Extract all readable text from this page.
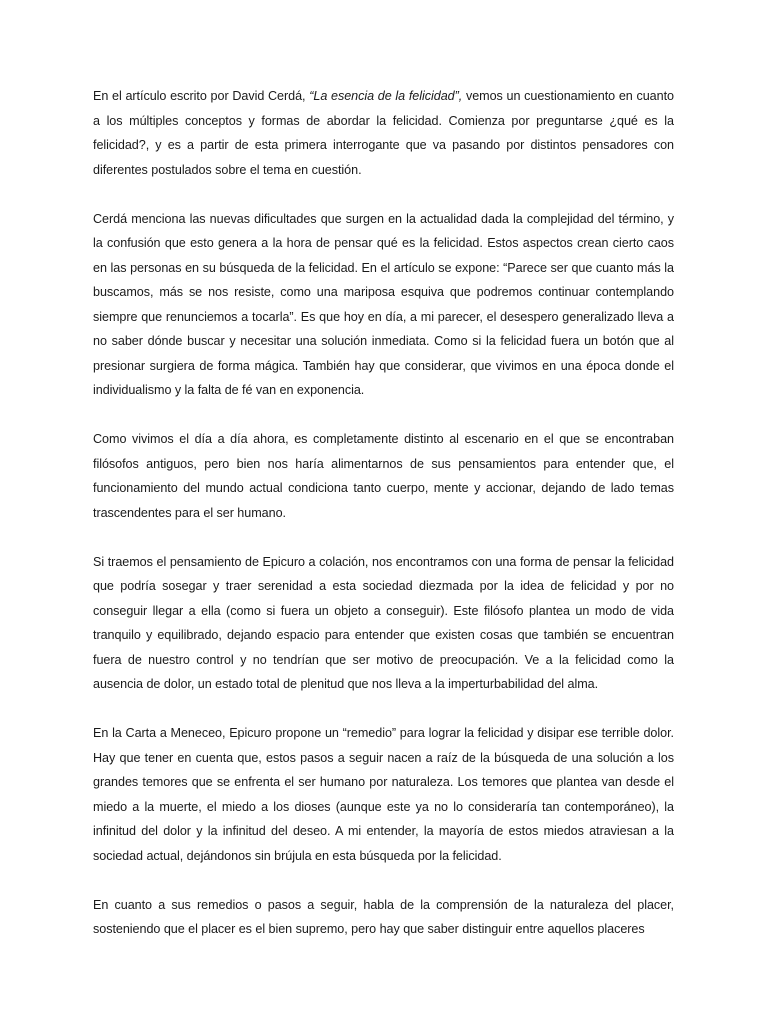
En el artículo escrito por David Cerdá, “La esencia de la felicidad”, vemos un cuestionamiento en cuanto a los múltiples conceptos y formas de abordar la felicidad. Comienza por preguntarse ¿qué es la felicidad?, y es a partir de esta primera interrogante que va pasando por distintos pensadores con diferentes postulados sobre el tema en cuestión.

Cerdá menciona las nuevas dificultades que surgen en la actualidad dada la complejidad del término, y la confusión que esto genera a la hora de pensar qué es la felicidad. Estos aspectos crean cierto caos en las personas en su búsqueda de la felicidad. En el artículo se expone: “Parece ser que cuanto más la buscamos, más se nos resiste, como una mariposa esquiva que podremos continuar contemplando siempre que renunciemos a tocarla”. Es que hoy en día, a mi parecer, el desespero generalizado lleva a no saber dónde buscar y necesitar una solución inmediata. Como si la felicidad fuera un botón que al presionar surgiera de forma mágica. También hay que considerar, que vivimos en una época donde el individualismo y la falta de fé van en exponencia.

Como vivimos el día a día ahora, es completamente distinto al escenario en el que se encontraban filósofos antiguos, pero bien nos haría alimentarnos de sus pensamientos para entender que, el funcionamiento del mundo actual condiciona tanto cuerpo, mente y accionar, dejando de lado temas trascendentes para el ser humano.

Si traemos el pensamiento de Epicuro a colación, nos encontramos con una forma de pensar la felicidad que podría sosegar y traer serenidad a esta sociedad diezmada por la idea de felicidad y por no conseguir llegar a ella (como si fuera un objeto a conseguir). Este filósofo plantea un modo de vida tranquilo y equilibrado, dejando espacio para entender que existen cosas que también se encuentran fuera de nuestro control y no tendrían que ser motivo de preocupación. Ve a la felicidad como la ausencia de dolor, un estado total de plenitud que nos lleva a la imperturbabilidad del alma.

En la Carta a Meneceo, Epicuro propone un “remedio” para lograr la felicidad y disipar ese terrible dolor. Hay que tener en cuenta que, estos pasos a seguir nacen a raíz de la búsqueda de una solución a los grandes temores que se enfrenta el ser humano por naturaleza. Los temores que plantea van desde el miedo a la muerte, el miedo a los dioses (aunque este ya no lo consideraría tan contemporáneo), la infinitud del dolor y la infinitud del deseo. A mi entender, la mayoría de estos miedos atraviesan a la sociedad actual, dejándonos sin brújula en esta búsqueda por la felicidad.

En cuanto a sus remedios o pasos a seguir, habla de la comprensión de la naturaleza del placer, sosteniendo que el placer es el bien supremo, pero hay que saber distinguir entre aquellos placeres
